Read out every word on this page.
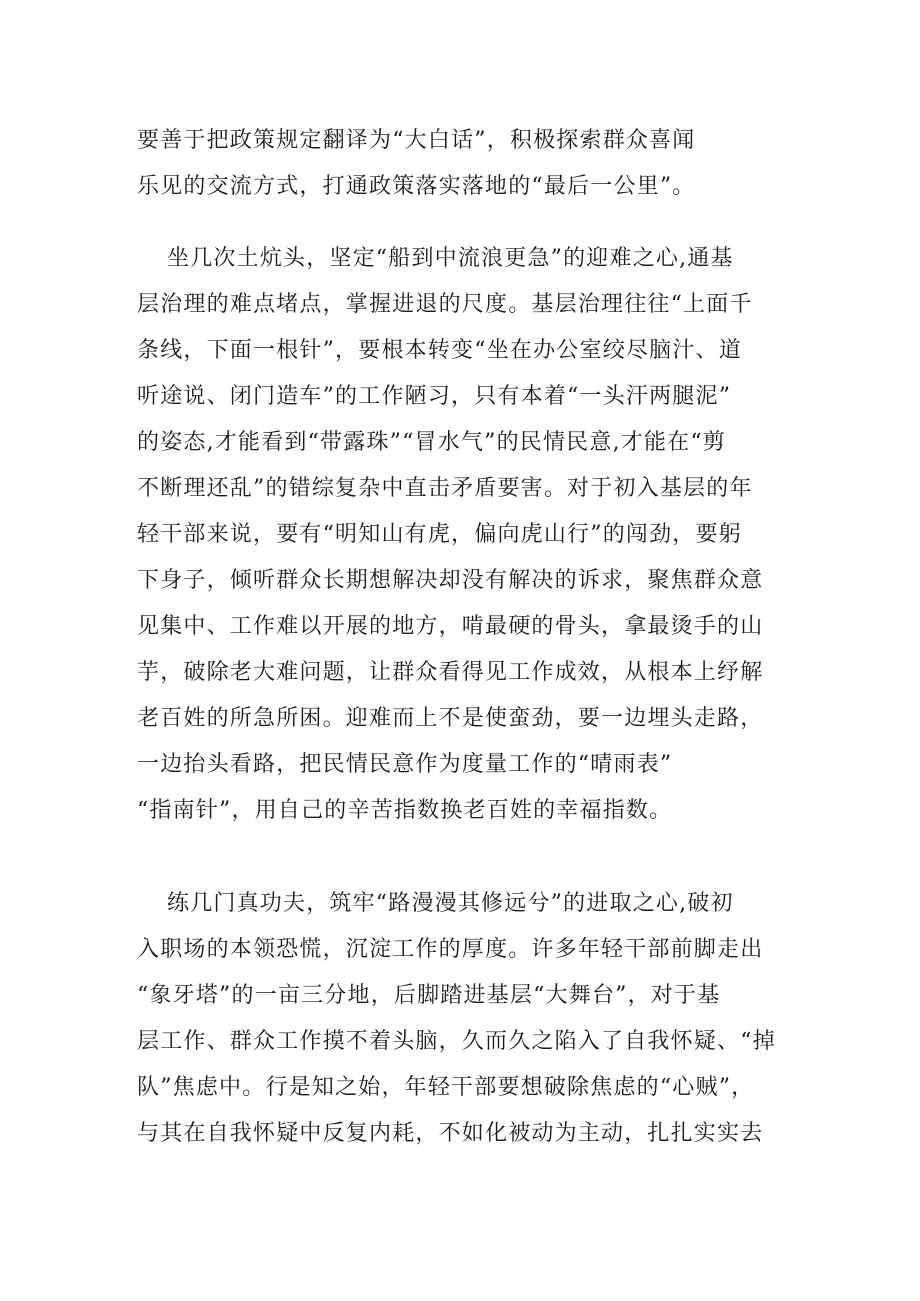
要善于把政策规定翻译为“大白话”，积极探索群众喜闻
乐见的交流方式，打通政策落实落地的“最后一公里”。
坐几次土炕头，坚定“船到中流浪更急”的迎难之心,通基
层治理的难点堵点，掌握进退的尺度。基层治理往往“上面千
条线，下面一根针”，要根本转变“坐在办公室绞尽脑汁、道
听途说、闭门造车”的工作陋习，只有本着“一头汗两腿泥”
的姿态,才能看到“带露珠”“冒水气”的民情民意,才能在“剪
不断理还乱”的错综复杂中直击矛盾要害。对于初入基层的年
轻干部来说，要有“明知山有虎，偏向虎山行”的闯劲，要躬
下身子，倾听群众长期想解决却没有解决的诉求，聚焦群众意
见集中、工作难以开展的地方，啃最硬的骨头，拿最烫手的山
芋，破除老大难问题，让群众看得见工作成效，从根本上纾解
老百姓的所急所困。迎难而上不是使蛮劲，要一边埋头走路，
一边抬头看路，把民情民意作为度量工作的“晴雨表”
“指南针”，用自己的辛苦指数换老百姓的幸福指数。
练几门真功夫，筑牢“路漫漫其修远兮”的进取之心,破初
入职场的本领恐慌，沉淀工作的厚度。许多年轻干部前脚走出
“象牙塔”的一亩三分地，后脚踏进基层“大舞台”，对于基
层工作、群众工作摸不着头脑，久而久之陷入了自我怀疑、“掉
队”焦虑中。行是知之始，年轻干部要想破除焦虑的“心贼”，
与其在自我怀疑中反复内耗，不如化被动为主动，扎扎实实去
